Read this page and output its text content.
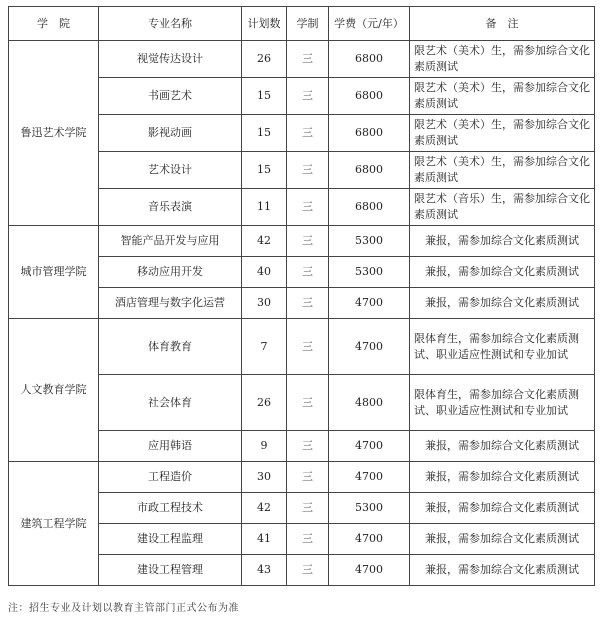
学　院	专业名称	计划数	学制	学费（元/年）	备　注
鲁迅艺术学院	视觉传达设计	26	三	6800	限艺术（美术）生，需参加综合文化素质测试
	书画艺术	15	三	6800	限艺术（美术）生，需参加综合文化素质测试
	影视动画	15	三	6800	限艺术（美术）生，需参加综合文化素质测试
	艺术设计	15	三	6800	限艺术（美术）生，需参加综合文化素质测试
	音乐表演	11	三	6800	限艺术（音乐）生，需参加综合文化素质测试
城市管理学院	智能产品开发与应用	42	三	5300	兼报，需参加综合文化素质测试
	移动应用开发	40	三	5300	兼报，需参加综合文化素质测试
	酒店管理与数字化运营	30	三	4700	兼报，需参加综合文化素质测试
人文教育学院	体育教育	7	三	4700	限体育生，需参加综合文化素质测试、职业适应性测试和专业加试
	社会体育	26	三	4800	限体育生，需参加综合文化素质测试、职业适应性测试和专业加试
	应用韩语	9	三	4700	兼报，需参加综合文化素质测试
建筑工程学院	工程造价	30	三	4700	兼报，需参加综合文化素质测试
	市政工程技术	42	三	5300	兼报，需参加综合文化素质测试
	建设工程监理	41	三	4700	兼报，需参加综合文化素质测试
	建设工程管理	43	三	4700	兼报，需参加综合文化素质测试
注：招生专业及计划以教育主管部门正式公布为准
